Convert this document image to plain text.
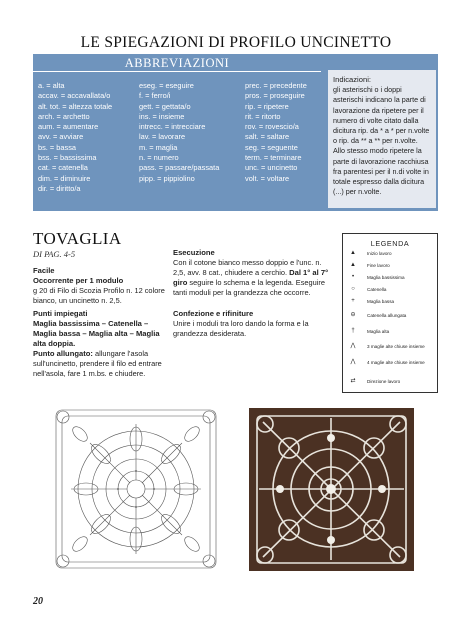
LE SPIEGAZIONI DI PROFILO UNCINETTO
ABBREVIAZIONI
a. = alta
accav. = accavallata/o
alt. tot. = altezza totale
arch. = archetto
aum. = aumentare
avv. = avviare
bs. = bassa
bss. = bassissima
cat. = catenella
dim. = diminuire
dir. = diritto/a
eseg. = eseguire
f. = ferro/i
gett. = gettata/o
ins. = insieme
intrecc. = intrecciare
lav. = lavorare
m. = maglia
n. = numero
pass. = passare/passata
pipp. = pippiolino
prec. = precedente
pros. = proseguire
rip. = ripetere
rit. = ritorto
rov. = rovescio/a
salt. = saltare
seg. = seguente
term. = terminare
unc. = uncinetto
volt. = voltare
Indicazioni:
gli asterischi o i doppi asterischi indicano la parte di lavorazione da ripetere per il numero di volte citato dalla dicitura rip. da * a * per n.volte o rip. da ** a ** per n.volte. Allo stesso modo ripetere la parte di lavorazione racchiusa fra parentesi per il n.di volte in totale espresso dalla dicitura (...) per n.volte.
TOVAGLIA
DI PAG. 4-5
Facile
Occorrente per 1 modulo
g 20 di Filo di Scozia Profilo n. 12 colore bianco, un uncinetto n. 2,5.
Punti impiegati
Maglia bassissima – Catenella – Maglia bassa – Maglia alta – Maglia alta doppia.
Punto allungato: allungare l'asola sull'uncinetto, prendere il filo ed entrare nell'asola, fare 1 m.bs. e chiudere.
Esecuzione
Con il cotone bianco messo doppio e l'unc. n. 2,5, avv. 8 cat., chiudere a cerchio. Dal 1° al 7° giro seguire lo schema e la legenda. Eseguire tanti moduli per la grandezza che occorre.
Confezione e rifiniture
Unire i moduli tra loro dando la forma e la grandezza desiderata.
LEGENDA
▲	Inizio lavoro
▲	Fine lavoro
•	Maglia bassissima
○	Catenella
+	Maglia bassa
⊖	Catenella allungata
†	Maglia alta
⋀	3 maglie alte chiuse insieme
⋀	4 maglie alte chiuse insieme
⇄	Direzione lavoro
20
